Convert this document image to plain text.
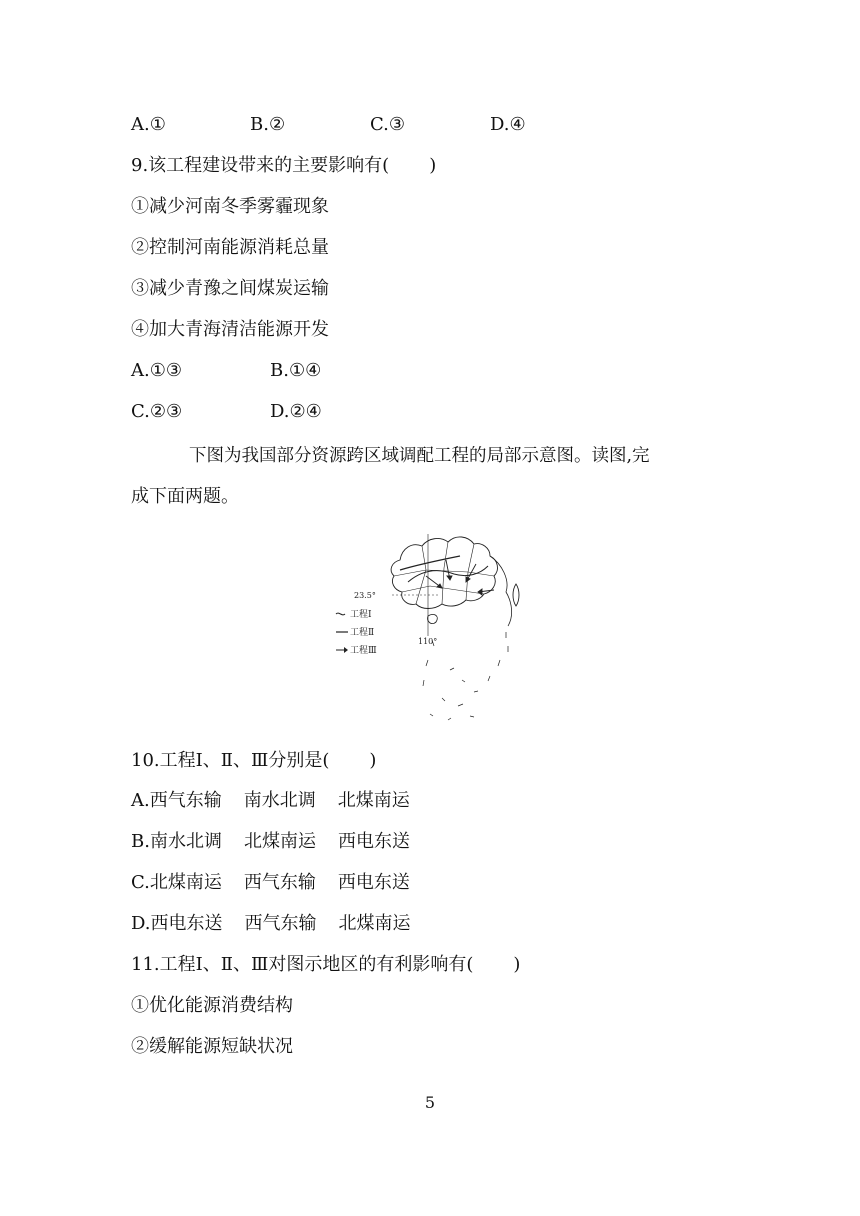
A.①	B.②	C.③	D.④
9.该工程建设带来的主要影响有( )
①减少河南冬季雾霾现象
②控制河南能源消耗总量
③减少青豫之间煤炭运输
④加大青海清洁能源开发
A.①③	B.①④
C.②③	D.②④
下图为我国部分资源跨区域调配工程的局部示意图。读图,完
成下面两题。
23.5°
110°
工程Ⅰ
工程Ⅱ
工程Ⅲ
10.工程Ⅰ、Ⅱ、Ⅲ分别是( )
A.西气东输 南水北调 北煤南运
B.南水北调 北煤南运 西电东送
C.北煤南运 西气东输 西电东送
D.西电东送 西气东输 北煤南运
11.工程Ⅰ、Ⅱ、Ⅲ对图示地区的有利影响有( )
①优化能源消费结构
②缓解能源短缺状况
5
